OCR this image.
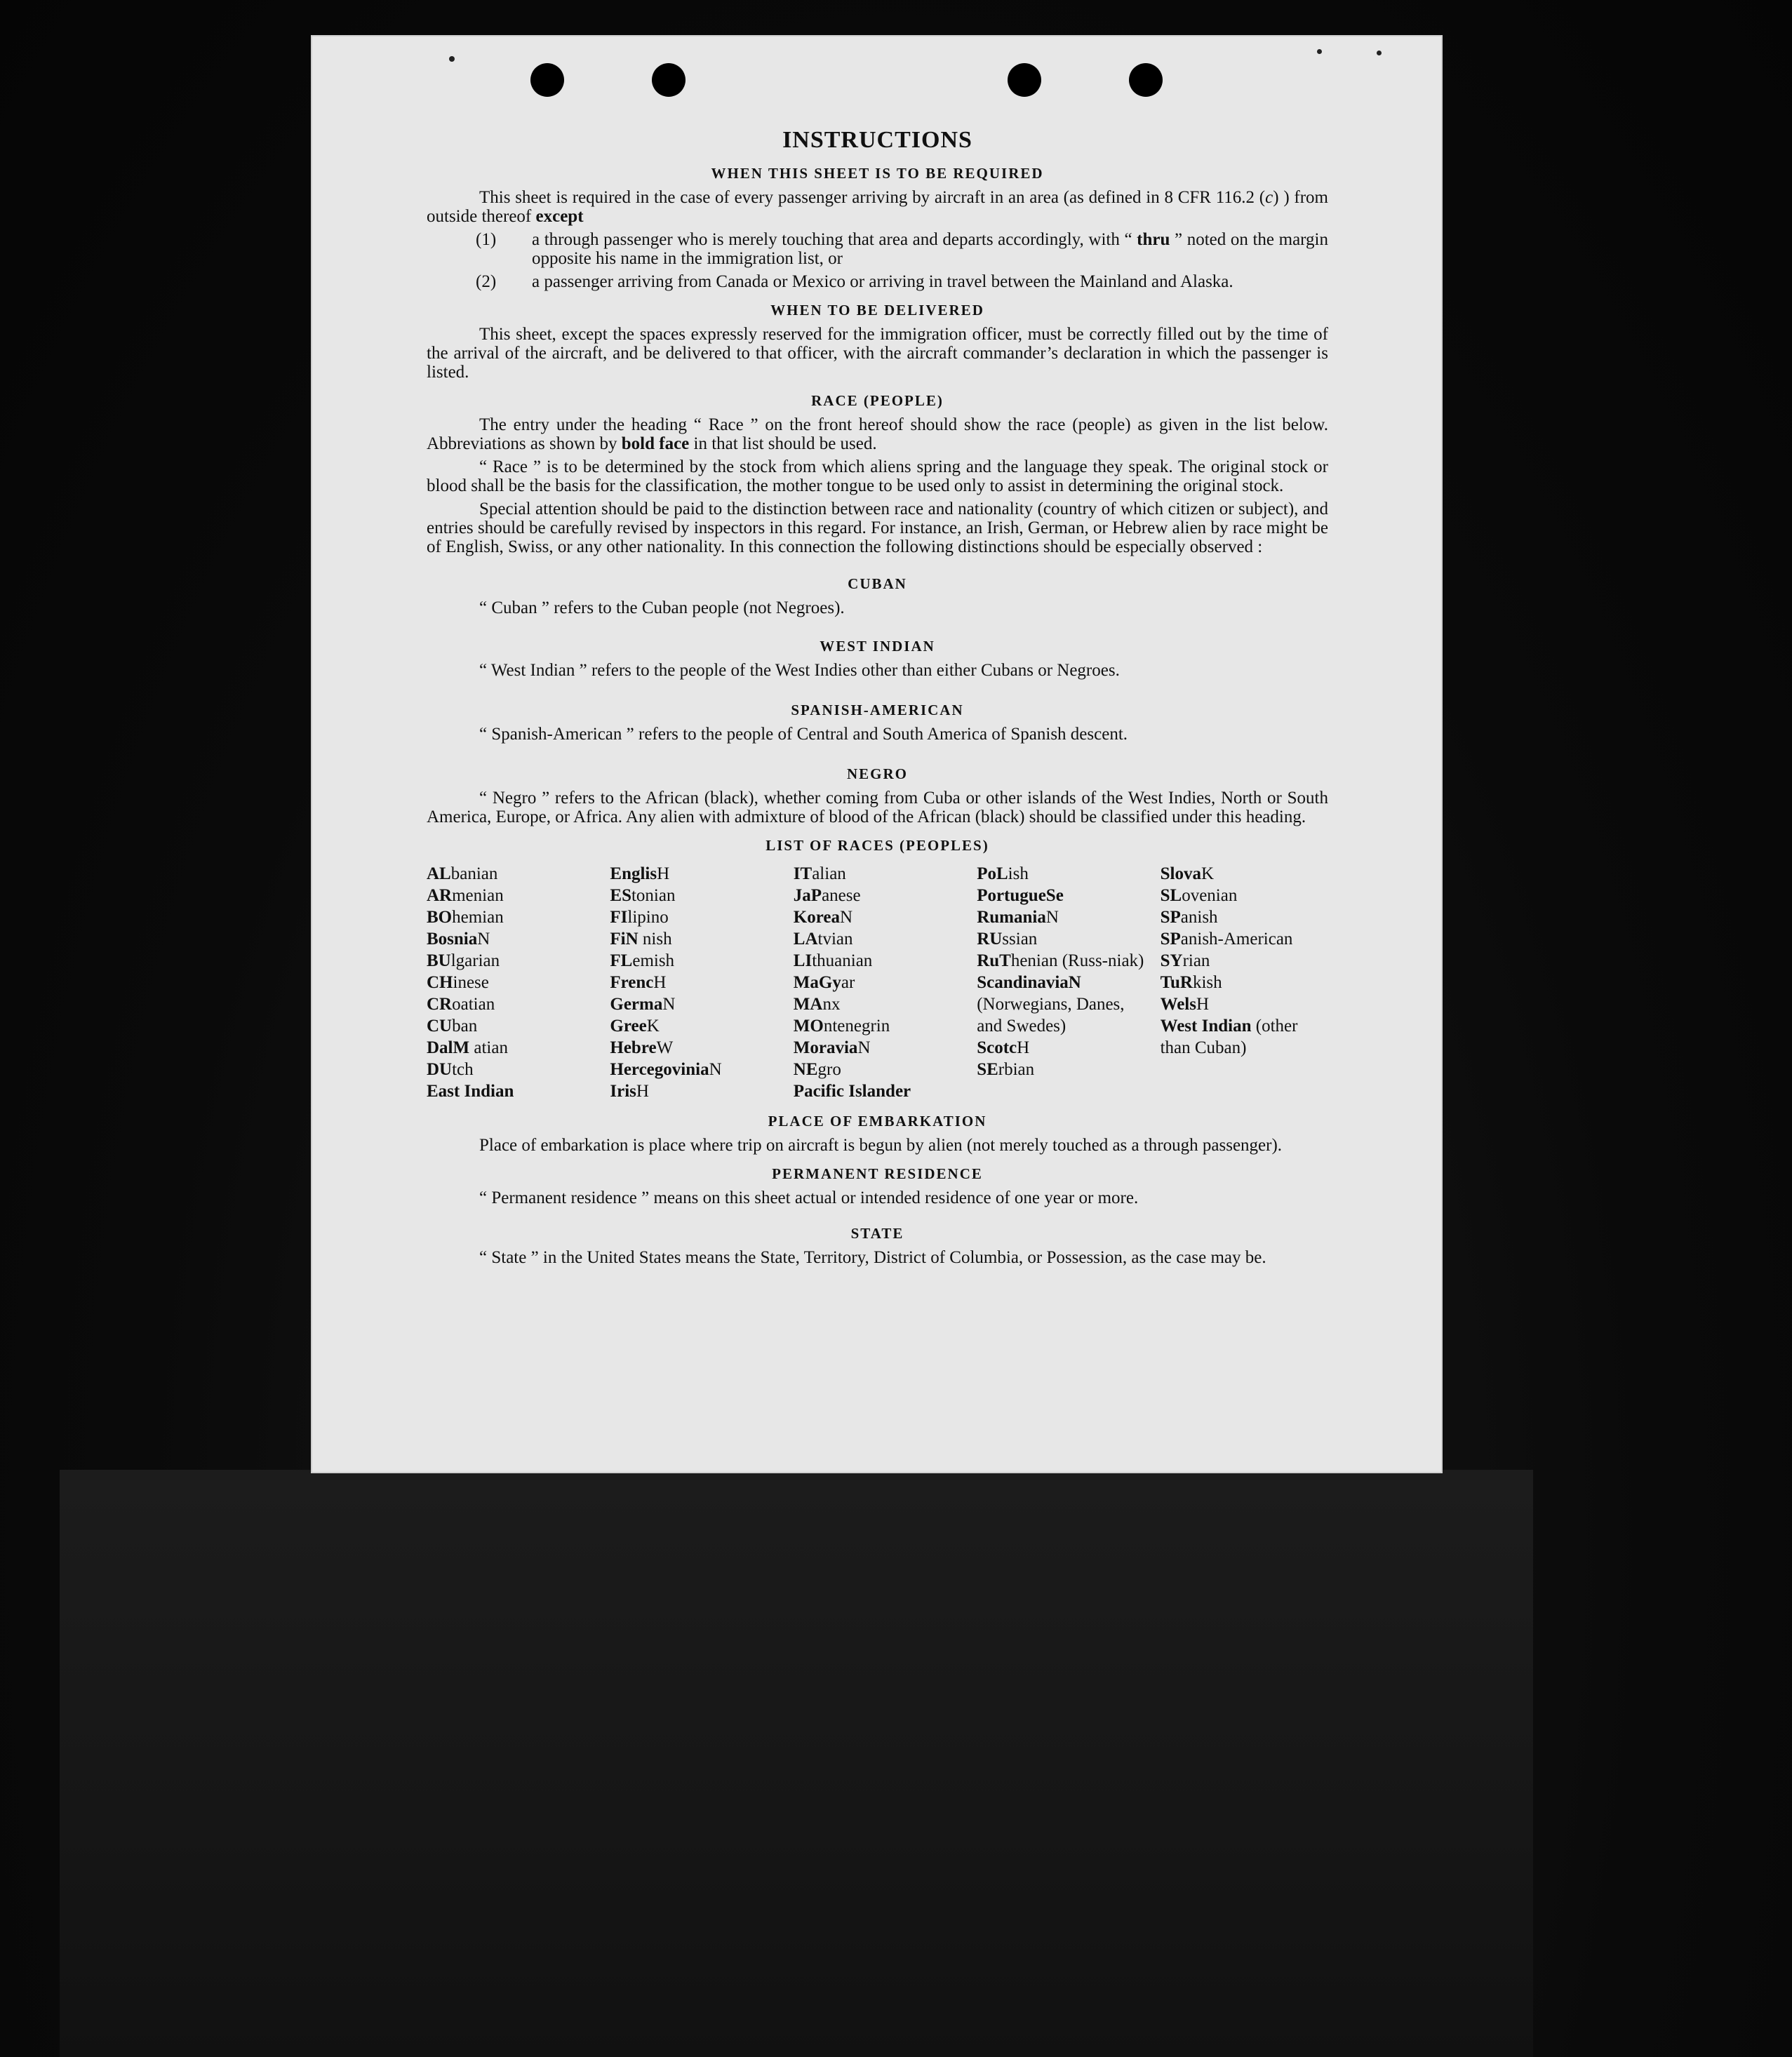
INSTRUCTIONS
WHEN THIS SHEET IS TO BE REQUIRED

This sheet is required in the case of every passenger arriving by aircraft in an area (as defined in 8 CFR 116.2 (c) ) from outside thereof except

(1) a through passenger who is merely touching that area and departs accordingly, with “ thru ” noted on the margin opposite his name in the immigration list, or
(2) a passenger arriving from Canada or Mexico or arriving in travel between the Mainland and Alaska.
WHEN TO BE DELIVERED

This sheet, except the spaces expressly reserved for the immigration officer, must be correctly filled out by the time of the arrival of the aircraft, and be delivered to that officer, with the aircraft commander’s declaration in which the passenger is listed.

RACE (PEOPLE)

The entry under the heading “ Race ” on the front hereof should show the race (people) as given in the list below. Abbreviations as shown by bold face in that list should be used.

“ Race ” is to be determined by the stock from which aliens spring and the language they speak. The original stock or blood shall be the basis for the classification, the mother tongue to be used only to assist in determining the original stock.

Special attention should be paid to the distinction between race and nationality (country of which citizen or subject), and entries should be carefully revised by inspectors in this regard. For instance, an Irish, German, or Hebrew alien by race might be of English, Swiss, or any other nationality. In this connection the following distinctions should be especially observed :

CUBAN

“ Cuban ” refers to the Cuban people (not Negroes).

WEST INDIAN

“ West Indian ” refers to the people of the West Indies other than either Cubans or Negroes.

SPANISH-AMERICAN

“ Spanish-American ” refers to the people of Central and South America of Spanish descent.

NEGRO

“ Negro ” refers to the African (black), whether coming from Cuba or other islands of the West Indies, North or South America, Europe, or Africa. Any alien with admixture of blood of the African (black) should be classified under this heading.

LIST OF RACES (PEOPLES)
ALbanian
ARmenian
BOhemian
BosniaN
BUlgarian
CHinese
CRoatian
CUban
DalM atian
DUtch
East Indian
EnglisH
EStonian
FIlipino
FiN nish
FLemish
FrencH
GermaN
GreeK
HebreW
HercegoviniaN
IrisH
ITalian
JaPanese
KoreaN
LAtvian
LIthuanian
MaGyar
MAnx
MOntenegrin
MoraviaN
NEgro
Pacific Islander
PoLish
PortugueSe
RumaniaN
RUssian
RuThenian (Russ-niak)
ScandinaviaN (Norwegians, Danes, and Swedes)
ScotcH
SErbian
SlovaK
SLovenian
SPanish
SPanish-American
SYrian
TuRkish
WelsH
West Indian (other than Cuban)
PLACE OF EMBARKATION

Place of embarkation is place where trip on aircraft is begun by alien (not merely touched as a through passenger).

PERMANENT RESIDENCE

“ Permanent residence ” means on this sheet actual or intended residence of one year or more.

STATE

“ State ” in the United States means the State, Territory, District of Columbia, or Possession, as the case may be.
